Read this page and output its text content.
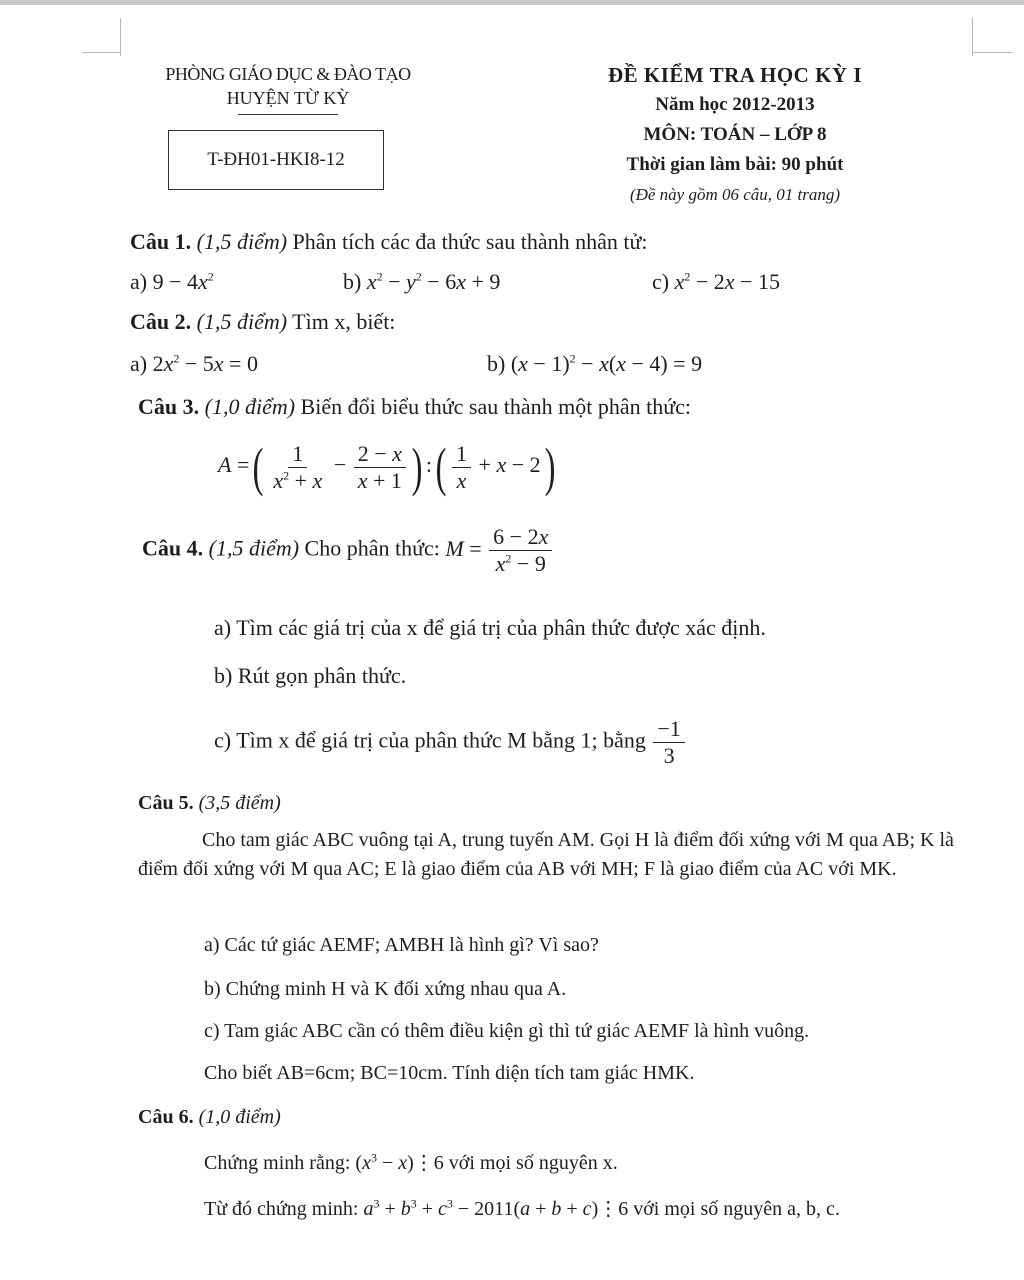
PHÒNG GIÁO DỤC & ĐÀO TẠO
HUYỆN TỪ KỲ
T-ĐH01-HKI8-12
ĐỀ KIỂM TRA HỌC KỲ I
Năm học 2012-2013
MÔN: TOÁN – LỚP 8
Thời gian làm bài: 90 phút
(Đề này gồm 06 câu, 01 trang)
Câu 1. (1,5 điểm) Phân tích các đa thức sau thành nhân tử:
a) $9 - 4x^2$	b) $x^2 - y^2 - 6x + 9$	c) $x^2 - 2x - 15$
Câu 2. (1,5 điểm) Tìm x, biết:
a) $2x^2 - 5x = 0$	b) $(x - 1)^2 - x(x - 4) = 9$
Câu 3. (1,0 điểm) Biến đổi biểu thức sau thành một phân thức:
A =( $\frac{1}{x^2 + x} - \frac{2 - x}{x + 1}$ ) :( $\frac{1}{x} + x - 2$)
Câu 4. (1,5 điểm) Cho phân thức: $M = \frac{6 - 2x}{x^2 - 9}$
a) Tìm các giá trị của x để giá trị của phân thức được xác định.
b) Rút gọn phân thức.
c) Tìm x để giá trị của phân thức M bằng 1; bằng $\frac{-1}{3}$
Câu 5. (3,5 điểm)
Cho tam giác ABC vuông tại A, trung tuyến AM. Gọi H là điểm đối xứng với M qua AB; K là điểm đối xứng với M qua AC; E là giao điểm của AB với MH; F là giao điểm của AC với MK.
a) Các tứ giác AEMF; AMBH là hình gì? Vì sao?
b) Chứng minh H và K đối xứng nhau qua A.
c) Tam giác ABC cần có thêm điều kiện gì thì tứ giác AEMF là hình vuông.
Cho biết AB=6cm; BC=10cm. Tính diện tích tam giác HMK.
Câu 6. (1,0 điểm)
Chứng minh rằng: ($x^3$ − x)⋮6 với mọi số nguyên x.
Từ đó chứng minh: $a^3 + b^3 + c^3 - 2011(a + b$ + c)⋮6 với mọi số nguyên a, b, c.
